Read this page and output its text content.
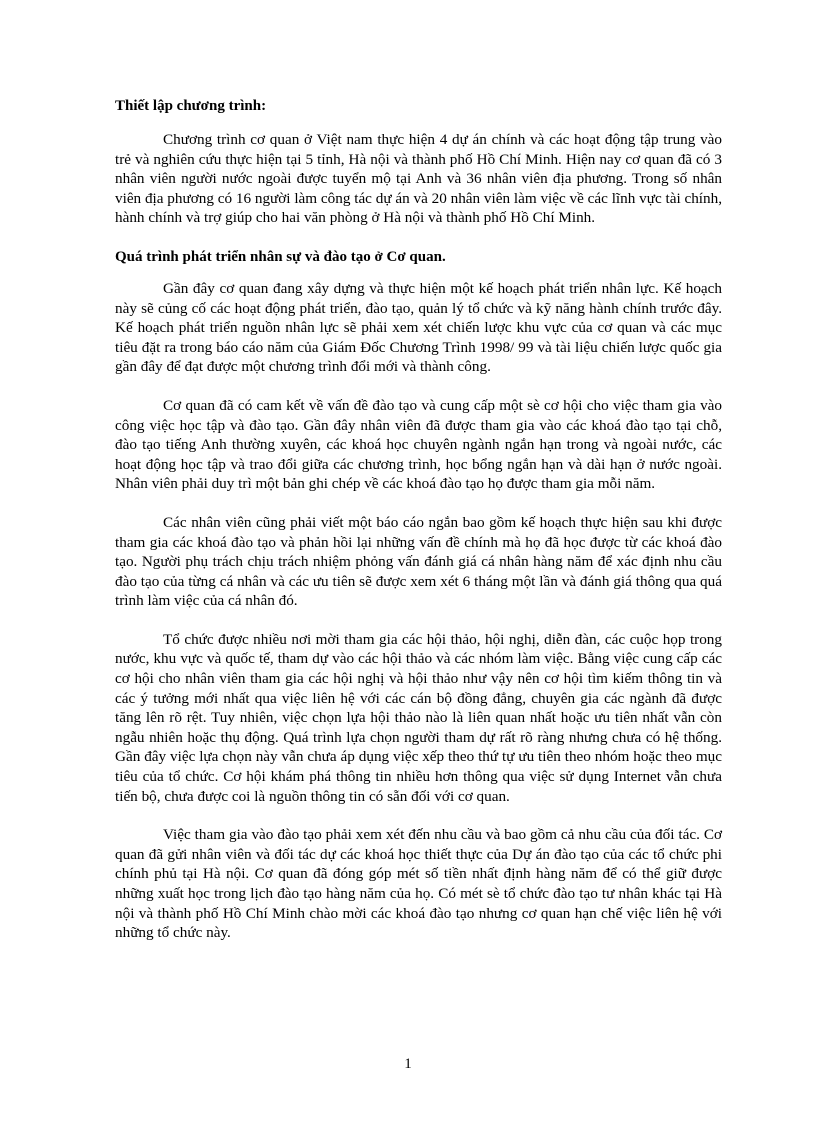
Thiết lập chương trình:

Chương trình cơ quan ở Việt nam thực hiện 4 dự án chính và các hoạt động tập trung vào trẻ và nghiên cứu thực hiện tại 5 tỉnh, Hà nội và thành phố Hồ Chí Minh. Hiện nay cơ quan đã có 3 nhân viên người nước ngoài được tuyển mộ tại Anh và 36 nhân viên địa phương. Trong số nhân viên địa phương có 16 người làm công tác dự án và 20 nhân viên làm việc về các lĩnh vực tài chính, hành chính và trợ giúp cho hai văn phòng ở Hà nội và thành phố Hồ Chí Minh.

Quá trình phát triển nhân sự và đào tạo ở Cơ quan.

Gần đây cơ quan đang xây dựng và thực hiện một kế hoạch phát triển nhân lực. Kế hoạch này sẽ củng cố các hoạt động phát triển, đào tạo, quản lý tổ chức và kỹ năng hành chính trước đây. Kế hoạch phát triển nguồn nhân lực sẽ phải xem xét chiến lược khu vực của cơ quan và các mục tiêu đặt ra trong báo cáo năm của Giám Đốc Chương Trình 1998/ 99 và tài liệu chiến lược quốc gia gần đây để đạt được một chương trình đổi mới và thành công.

Cơ quan đã có cam kết về vấn đề đào tạo và cung cấp một sè cơ hội cho việc tham gia vào công việc học tập và đào tạo. Gần đây nhân viên đã được tham gia vào các khoá đào tạo tại chỗ, đào tạo tiếng Anh thường xuyên, các khoá học chuyên ngành ngắn hạn trong và ngoài nước, các hoạt động học tập và trao đổi giữa các chương trình, học bổng ngắn hạn và dài hạn ở nước ngoài. Nhân viên phải duy trì một bản ghi chép về các khoá đào tạo họ được tham gia mỗi năm.

Các nhân viên cũng phải viết một báo cáo ngắn bao gồm kế hoạch thực hiện sau khi được tham gia các khoá đào tạo và phản hồi lại những vấn đề chính mà họ đã học được từ các khoá đào tạo. Người phụ trách chịu trách nhiệm phỏng vấn đánh giá cá nhân hàng năm để xác định nhu cầu đào tạo của từng cá nhân và các ưu tiên sẽ được xem xét 6 tháng một lần và đánh giá thông qua quá trình làm việc của cá nhân đó.

Tổ chức được nhiều nơi mời tham gia các hội thảo, hội nghị, diễn đàn, các cuộc họp trong nước, khu vực và quốc tế, tham dự vào các hội thảo và các nhóm làm việc. Bằng việc cung cấp các cơ hội cho nhân viên tham gia các hội nghị và hội thảo như vậy nên cơ hội tìm kiếm thông tin và các ý tưởng mới nhất qua việc liên hệ với các cán bộ đồng đẳng, chuyên gia các ngành đã được tăng lên rõ rệt. Tuy nhiên, việc chọn lựa hội thảo nào là liên quan nhất hoặc ưu tiên nhất vẫn còn ngẫu nhiên hoặc thụ động. Quá trình lựa chọn người tham dự rất rõ ràng nhưng chưa có hệ thống. Gần đây việc lựa chọn này vẫn chưa áp dụng việc xếp theo thứ tự ưu tiên theo nhóm hoặc theo mục tiêu của tổ chức. Cơ hội khám phá thông tin nhiều hơn thông qua việc sử dụng Internet vẫn chưa tiến bộ, chưa được coi là nguồn thông tin có sẵn đối với cơ quan.

Việc tham gia vào đào tạo phải xem xét đến nhu cầu và bao gồm cả nhu cầu của đối tác. Cơ quan đã gửi nhân viên và đối tác dự các khoá học thiết thực của Dự án đào tạo của các tổ chức phi chính phủ tại Hà nội. Cơ quan đã đóng góp mét số tiền nhất định hàng năm để có thể giữ được những xuất học trong lịch đào tạo hàng năm của họ. Có mét sè tổ chức đào tạo tư nhân khác tại Hà nội và thành phố Hồ Chí Minh chào mời các khoá đào tạo nhưng cơ quan hạn chế việc liên hệ với những tổ chức này.

1
